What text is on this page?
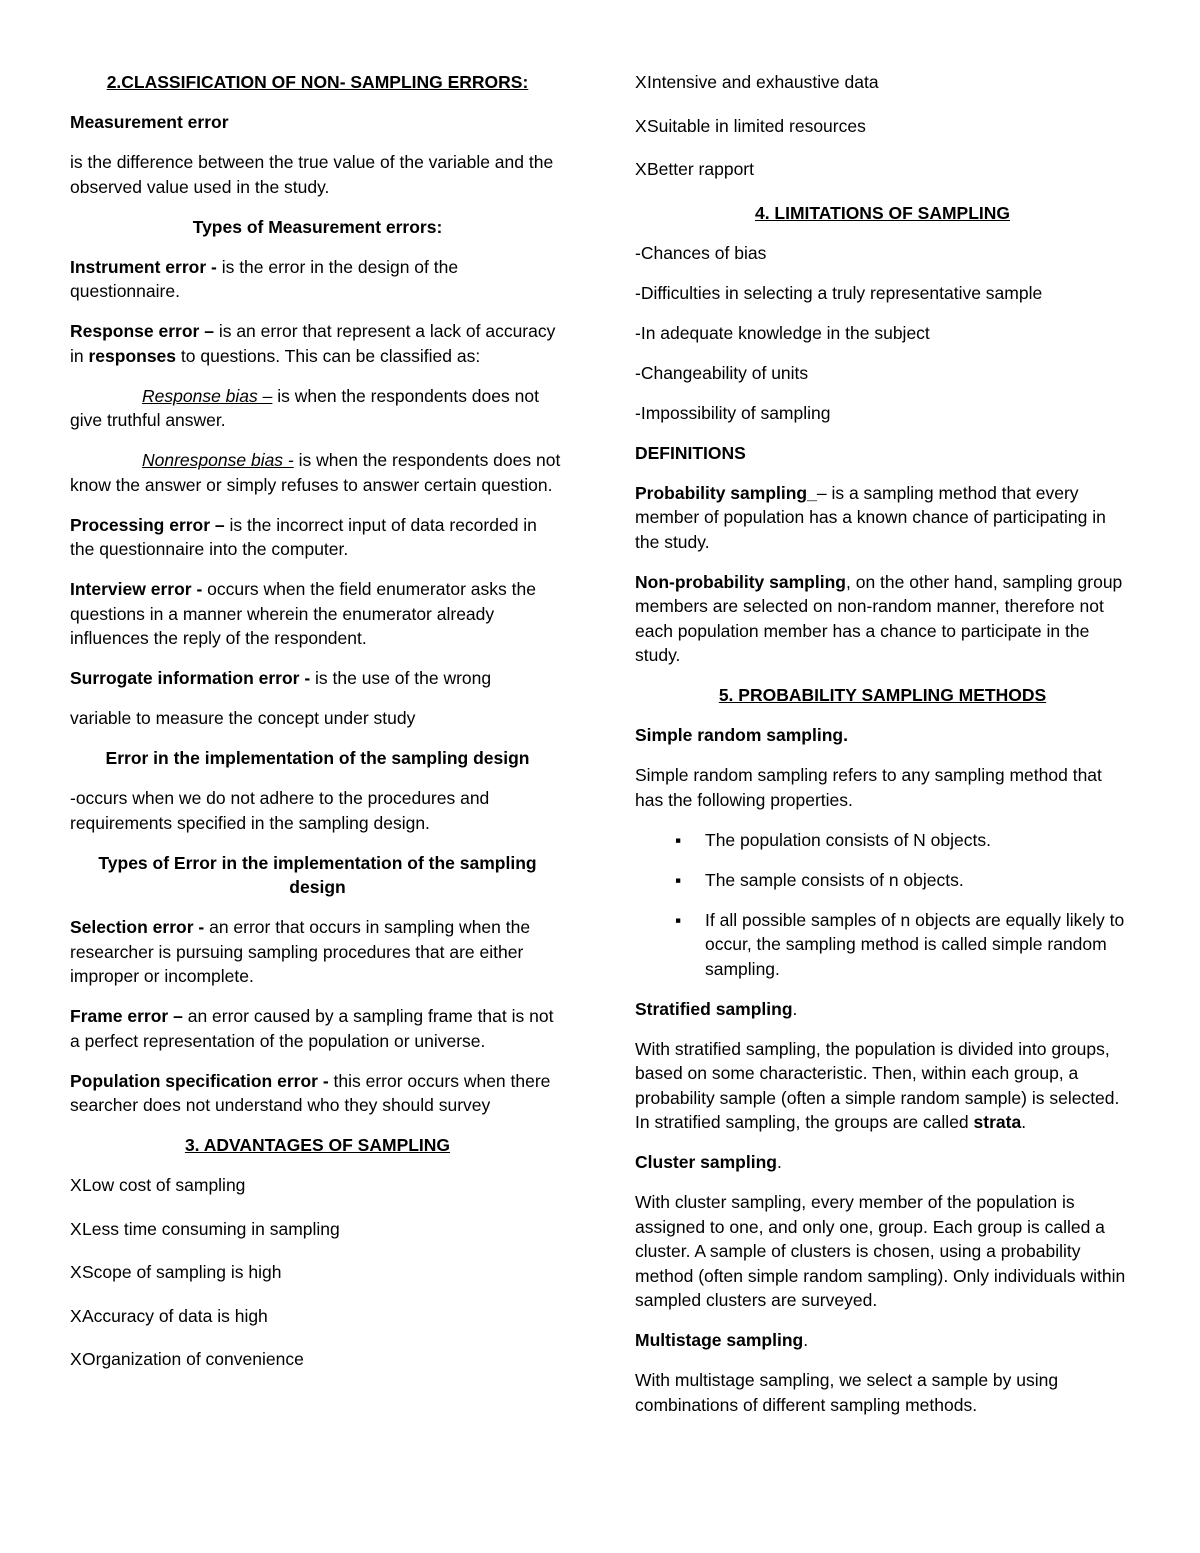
2.CLASSIFICATION OF NON- SAMPLING ERRORS:

Measurement error

is the difference between the true value of the variable and the observed value used in the study.

Types of Measurement errors:

Instrument error - is the error in the design of the questionnaire.

Response error – is an error that represent a lack of accuracy in responses to questions. This can be classified as:

Response bias – is when the respondents does not give truthful answer.

Nonresponse bias - is when the respondents does not know the answer or simply refuses to answer certain question.

Processing error – is the incorrect input of data recorded in the questionnaire into the computer.

Interview error - occurs when the field enumerator asks the questions in a manner wherein the enumerator already influences the reply of the respondent.

Surrogate information error - is the use of the wrong

variable to measure the concept under study

Error in the implementation of the sampling design

-occurs when we do not adhere to the procedures and requirements specified in the sampling design.

Types of Error in the implementation of the sampling design

Selection error - an error that occurs in sampling when the researcher is pursuing sampling procedures that are either improper or incomplete.

Frame error – an error caused by a sampling frame that is not a perfect representation of the population or universe.

Population specification error - this error occurs when there searcher does not understand who they should survey

3. ADVANTAGES OF SAMPLING

XLow cost of sampling

XLess time consuming in sampling

XScope of sampling is high

XAccuracy of data is high

XOrganization of convenience

XIntensive and exhaustive data

XSuitable in limited resources

XBetter rapport

4. LIMITATIONS OF SAMPLING

-Chances of bias

-Difficulties in selecting a truly representative sample

-In adequate knowledge in the subject

-Changeability of units

-Impossibility of sampling

DEFINITIONS

Probability sampling_– is a sampling method that every member of population has a known chance of participating in the study.

Non-probability sampling, on the other hand, sampling group members are selected on non-random manner, therefore not each population member has a chance to participate in the study.

5. PROBABILITY SAMPLING METHODS

Simple random sampling.

Simple random sampling refers to any sampling method that has the following properties.

▪ The population consists of N objects.
▪ The sample consists of n objects.
▪ If all possible samples of n objects are equally likely to occur, the sampling method is called simple random sampling.

Stratified sampling.

With stratified sampling, the population is divided into groups, based on some characteristic. Then, within each group, a probability sample (often a simple random sample) is selected. In stratified sampling, the groups are called strata.

Cluster sampling.

With cluster sampling, every member of the population is assigned to one, and only one, group. Each group is called a cluster. A sample of clusters is chosen, using a probability method (often simple random sampling). Only individuals within sampled clusters are surveyed.

Multistage sampling.

With multistage sampling, we select a sample by using combinations of different sampling methods.
